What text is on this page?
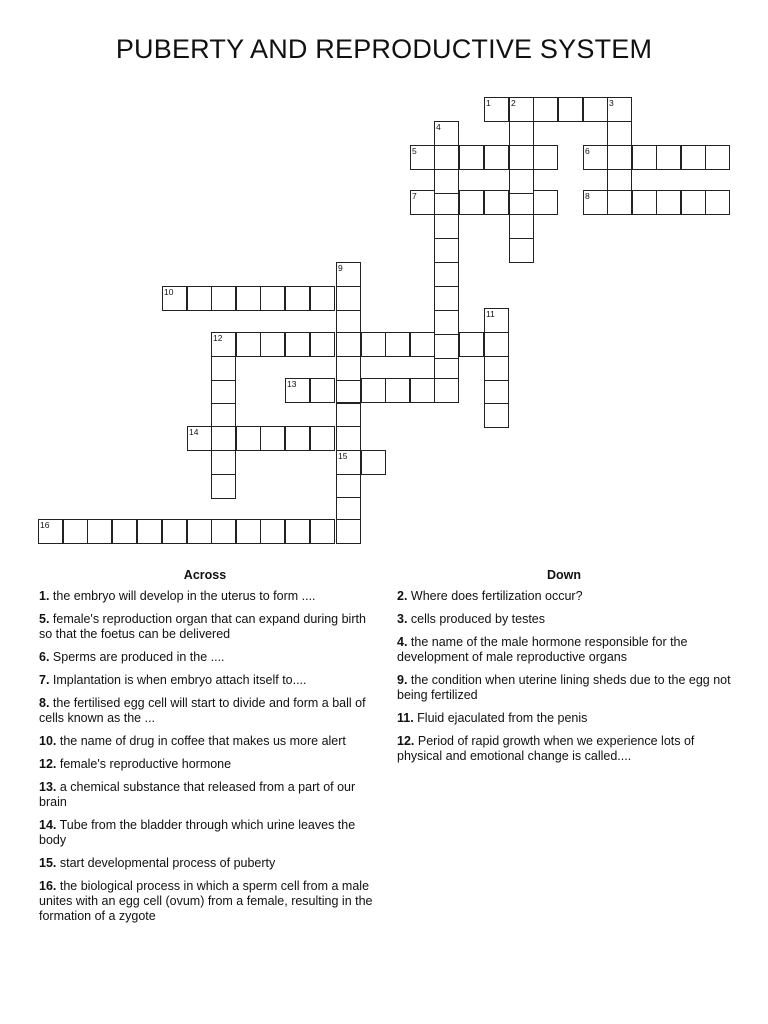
PUBERTY AND REPRODUCTIVE SYSTEM
1 2	3
4
5	6
7	8
9
10
11
12
13
14
15
16
Across	Down
1. the embryo will develop in the uterus to form ....
5. female's reproduction organ that can expand during birth so that the foetus can be delivered
6. Sperms are produced in the ....
7. Implantation is when embryo attach itself to....
8. the fertilised egg cell will start to divide and form a ball of cells known as the ...
10. the name of drug in coffee that makes us more alert
12. female's reproductive hormone
13. a chemical substance that released from a part of our brain
14. Tube from the bladder through which urine leaves the body
15. start developmental process of puberty
16. the biological process in which a sperm cell from a male unites with an egg cell (ovum) from a female, resulting in the formation of a zygote
2. Where does fertilization occur?
3. cells produced by testes
4. the name of the male hormone responsible for the development of male reproductive organs
9. the condition when uterine lining sheds due to the egg not being fertilized
11. Fluid ejaculated from the penis
12. Period of rapid growth when we experience lots of physical and emotional change is called....
